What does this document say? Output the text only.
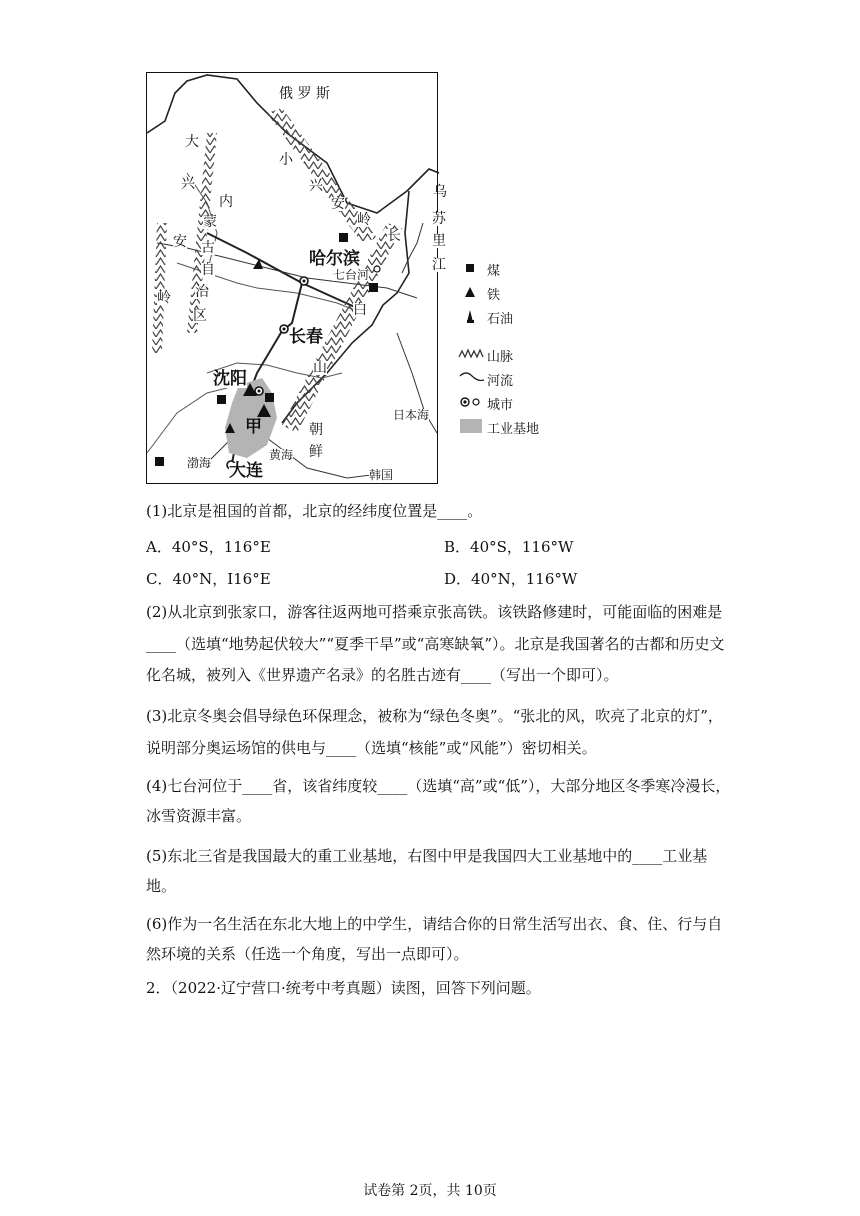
俄 罗 斯
大
兴
安
岭
小
兴
安
岭
内
蒙
古
自
治
区
长
白
山
乌
哈尔滨
七台河
长春
沈阳
甲
大连
渤海
黄海
朝
鲜
日本海
韩国
苏
里
江	煤
铁
石油
山脉
河流
城市
工业基地
(1)北京是祖国的首都，北京的经纬度位置是____。
A．40°S，116°E	B．40°S，116°W
C．40°N，I16°E	D．40°N，116°W
(2)从北京到张家口，游客往返两地可搭乘京张高铁。该铁路修建时，可能面临的困难是
____（选填“地势起伏较大”“夏季干旱”或“高寒缺氧”）。北京是我国著名的古都和历史文
化名城，被列入《世界遗产名录》的名胜古迹有____（写出一个即可）。
(3)北京冬奥会倡导绿色环保理念，被称为“绿色冬奥”。“张北的风，吹亮了北京的灯”，
说明部分奥运场馆的供电与____（选填“核能”或“风能”）密切相关。
(4)七台河位于____省，该省纬度较____（选填“高”或“低”），大部分地区冬季寒冷漫长，
冰雪资源丰富。
(5)东北三省是我国最大的重工业基地，右图中甲是我国四大工业基地中的____工业基
地。
(6)作为一名生活在东北大地上的中学生，请结合你的日常生活写出衣、食、住、行与自
然环境的关系（任选一个角度，写出一点即可）。
2．（2022·辽宁营口·统考中考真题）读图，回答下列问题。
试卷第 2页，共 10页
